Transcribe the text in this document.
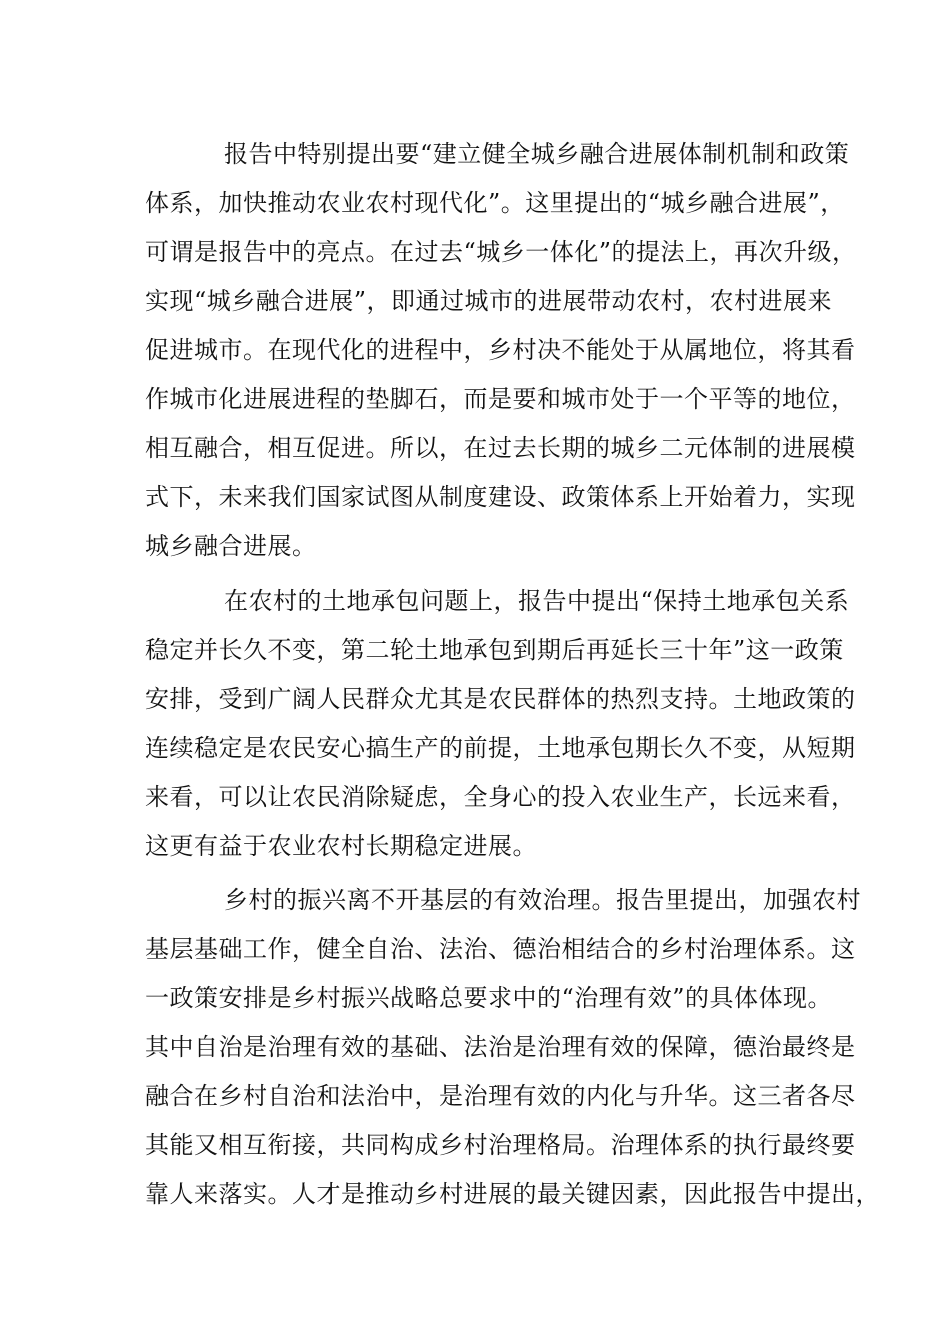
报告中特别提出要“建立健全城乡融合进展体制机制和政策
体系，加快推动农业农村现代化”。这里提出的“城乡融合进展”，
可谓是报告中的亮点。在过去“城乡一体化”的提法上，再次升级，
实现“城乡融合进展”，即通过城市的进展带动农村，农村进展来
促进城市。在现代化的进程中，乡村决不能处于从属地位，将其看
作城市化进展进程的垫脚石，而是要和城市处于一个平等的地位，
相互融合，相互促进。所以，在过去长期的城乡二元体制的进展模
式下，未来我们国家试图从制度建设、政策体系上开始着力，实现
城乡融合进展。
在农村的土地承包问题上，报告中提出“保持土地承包关系
稳定并长久不变，第二轮土地承包到期后再延长三十年”这一政策
安排，受到广阔人民群众尤其是农民群体的热烈支持。土地政策的
连续稳定是农民安心搞生产的前提，土地承包期长久不变，从短期
来看，可以让农民消除疑虑，全身心的投入农业生产，长远来看，
这更有益于农业农村长期稳定进展。
乡村的振兴离不开基层的有效治理。报告里提出，加强农村
基层基础工作，健全自治、法治、德治相结合的乡村治理体系。这
一政策安排是乡村振兴战略总要求中的“治理有效”的具体体现。
其中自治是治理有效的基础、法治是治理有效的保障，德治最终是
融合在乡村自治和法治中，是治理有效的内化与升华。这三者各尽
其能又相互衔接，共同构成乡村治理格局。治理体系的执行最终要
靠人来落实。人才是推动乡村进展的最关键因素，因此报告中提出，
